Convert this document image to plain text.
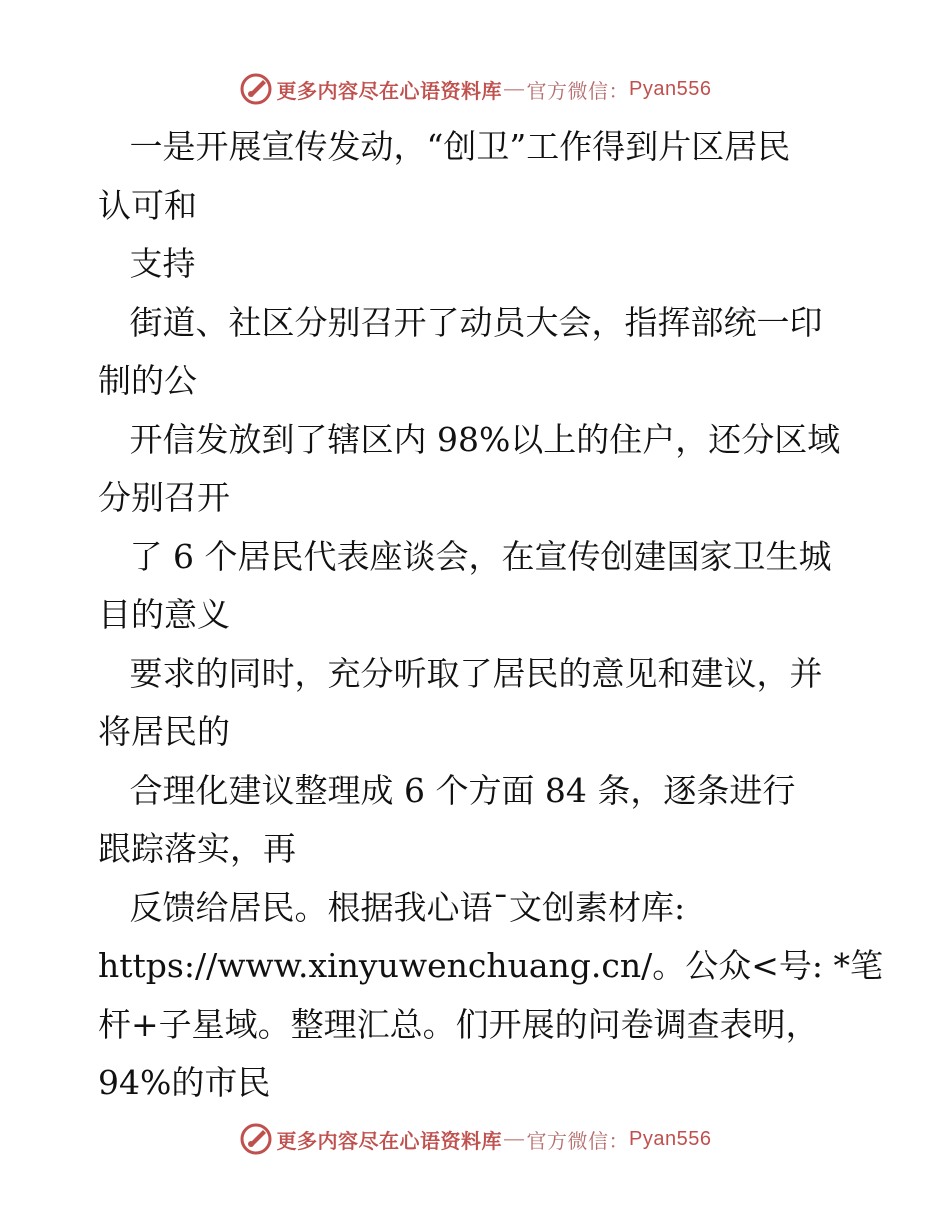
更多内容尽在心语资料库 — 官方微信： Pyan556

一是开展宣传发动，“创卫”工作得到片区居民

认可和

支持

街道、社区分别召开了动员大会，指挥部统一印

制的公

开信发放到了辖区内 98%以上的住户，还分区域

分别召开

了 6 个居民代表座谈会，在宣传创建国家卫生城

目的意义

要求的同时，充分听取了居民的意见和建议，并

将居民的

合理化建议整理成 6 个方面 84 条，逐条进行

跟踪落实，再

反馈给居民。根据我心语¯文创素材库:

https://www.xinyuwenchuang.cn/。公众<号: *笔

杆+子星域。整理汇总。们开展的问卷调查表明，

94%的市民

更多内容尽在心语资料库 — 官方微信： Pyan556
